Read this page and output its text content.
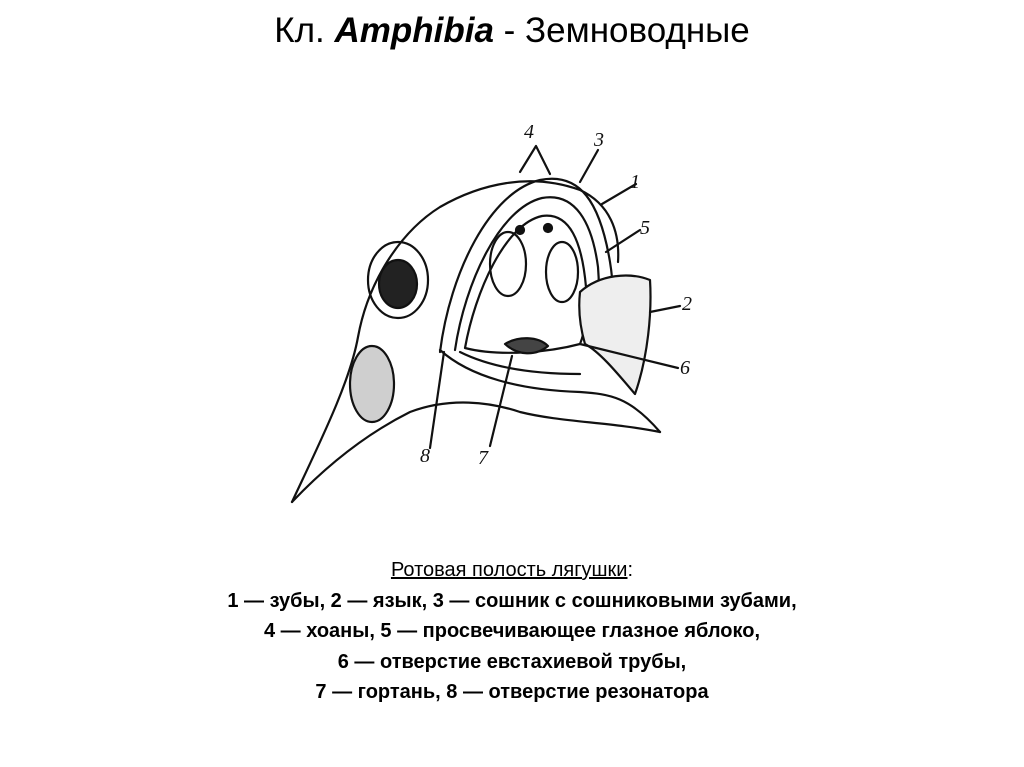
Кл. Amphibia - Земноводные
4	3
1
5
2
6
7
8
Ротовая полость лягушки:
1 — зубы, 2 — язык, 3 — сошник с сошниковыми зубами,
4 — хоаны, 5 — просвечивающее глазное яблоко,
6 — отверстие евстахиевой трубы,
7 — гортань, 8 — отверстие резонатора
